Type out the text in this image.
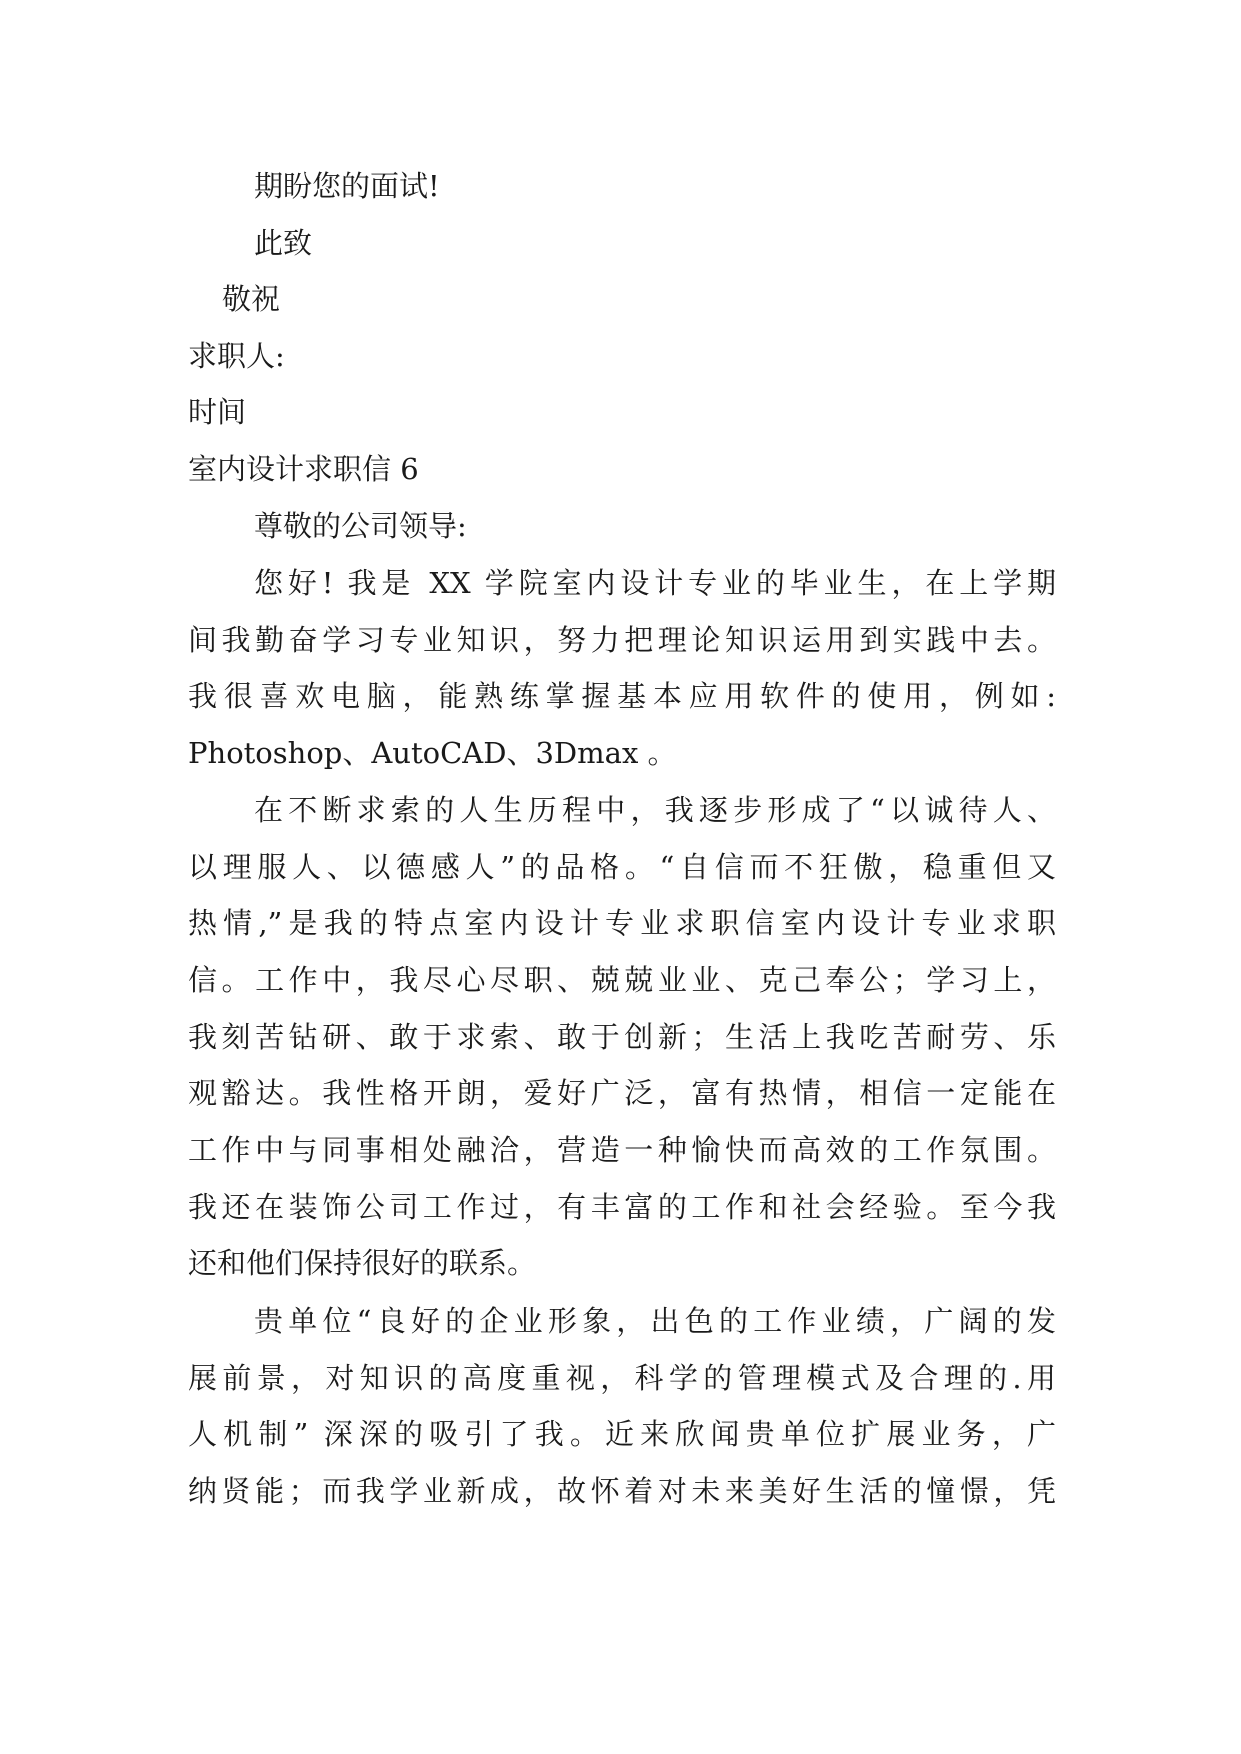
期盼您的面试!
此致
敬祝
求职人:
时间
室内设计求职信 6
尊敬的公司领导:
您好! 我是 XX 学院室内设计专业的毕业生，在上学期
间我勤奋学习专业知识，努力把理论知识运用到实践中去。
我很喜欢电脑，能熟练掌握基本应用软件的使用，例如:
Photoshop、AutoCAD、3Dmax 。
在不断求索的人生历程中，我逐步形成了“以诚待人、
以理服人、以德感人”的品格。“自信而不狂傲，稳重但又
热情,”是我的特点室内设计专业求职信室内设计专业求职
信。工作中，我尽心尽职、兢兢业业、克己奉公；学习上，
我刻苦钻研、敢于求索、敢于创新；生活上我吃苦耐劳、乐
观豁达。我性格开朗，爱好广泛，富有热情，相信一定能在
工作中与同事相处融洽，营造一种愉快而高效的工作氛围。
我还在装饰公司工作过，有丰富的工作和社会经验。至今我
还和他们保持很好的联系。
贵单位“良好的企业形象，出色的工作业绩，广阔的发
展前景，对知识的高度重视，科学的管理模式及合理的.用
人机制” 深深的吸引了我。近来欣闻贵单位扩展业务，广
纳贤能；而我学业新成，故怀着对未来美好生活的憧憬，凭
